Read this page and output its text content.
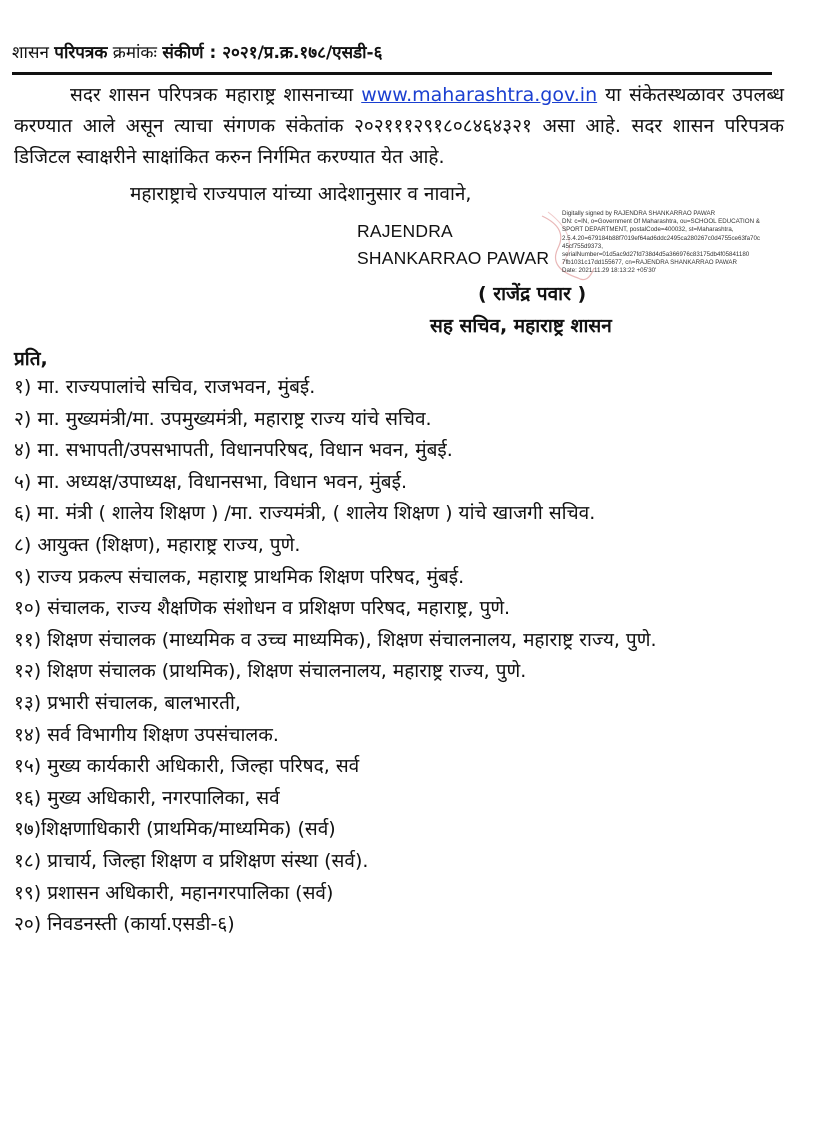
शासन परिपत्रक क्रमांकः संकीर्ण : २०२१/प्र.क्र.१७८/एसडी-६
सदर शासन परिपत्रक महाराष्ट्र शासनाच्या www.maharashtra.gov.in या संकेतस्थळावर उपलब्ध करण्यात आले असून त्याचा संगणक संकेतांक २०२१११२९१८०८४६४३२१ असा आहे. सदर शासन परिपत्रक डिजिटल स्वाक्षरीने साक्षांकित करुन निर्गमित करण्यात येत आहे.
महाराष्ट्राचे राज्यपाल यांच्या आदेशानुसार व नावाने,
RAJENDRA
SHANKARRAO PAWAR
Digitally signed by RAJENDRA SHANKARRAO PAWAR
DN: c=IN, o=Government Of Maharashtra, ou=SCHOOL EDUCATION &
SPORT DEPARTMENT, postalCode=400032, st=Maharashtra,
2.5.4.20=679184b88f7019ef64ad6ddc2495ca280267c0d4755ce63fa70c
45cf755d9373,
serialNumber=01d5ac9d27fd738d4d5a366976c83175db4f05841180
7fb1031c17dd155677, cn=RAJENDRA SHANKARRAO PAWAR
Date: 2021.11.29 18:13:22 +05'30'
( राजेंद्र पवार )
सह सचिव, महाराष्ट्र शासन
प्रति,
१) मा. राज्यपालांचे सचिव, राजभवन, मुंबई.
२) मा. मुख्यमंत्री/मा. उपमुख्यमंत्री, महाराष्ट्र राज्य यांचे सचिव.
४) मा. सभापती/उपसभापती, विधानपरिषद, विधान भवन, मुंबई.
५) मा. अध्यक्ष/उपाध्यक्ष, विधानसभा, विधान भवन, मुंबई.
६) मा. मंत्री ( शालेय शिक्षण ) /मा. राज्यमंत्री, ( शालेय शिक्षण ) यांचे खाजगी सचिव.
८) आयुक्त (शिक्षण), महाराष्ट्र राज्य, पुणे.
९) राज्य प्रकल्प संचालक, महाराष्ट्र प्राथमिक शिक्षण परिषद, मुंबई.
१०) संचालक, राज्य शैक्षणिक संशोधन व प्रशिक्षण परिषद, महाराष्ट्र, पुणे.
११) शिक्षण संचालक (माध्यमिक व उच्च माध्यमिक), शिक्षण संचालनालय, महाराष्ट्र राज्य, पुणे.
१२) शिक्षण संचालक (प्राथमिक), शिक्षण संचालनालय, महाराष्ट्र राज्य, पुणे.
१३) प्रभारी संचालक, बालभारती,
१४) सर्व विभागीय शिक्षण उपसंचालक.
१५) मुख्य कार्यकारी अधिकारी, जिल्हा परिषद, सर्व
१६) मुख्य अधिकारी, नगरपालिका, सर्व
१७)शिक्षणाधिकारी (प्राथमिक/माध्यमिक) (सर्व)
१८) प्राचार्य, जिल्हा शिक्षण व प्रशिक्षण संस्था (सर्व).
१९) प्रशासन अधिकारी, महानगरपालिका (सर्व)
२०) निवडनस्ती (कार्या.एसडी-६)
